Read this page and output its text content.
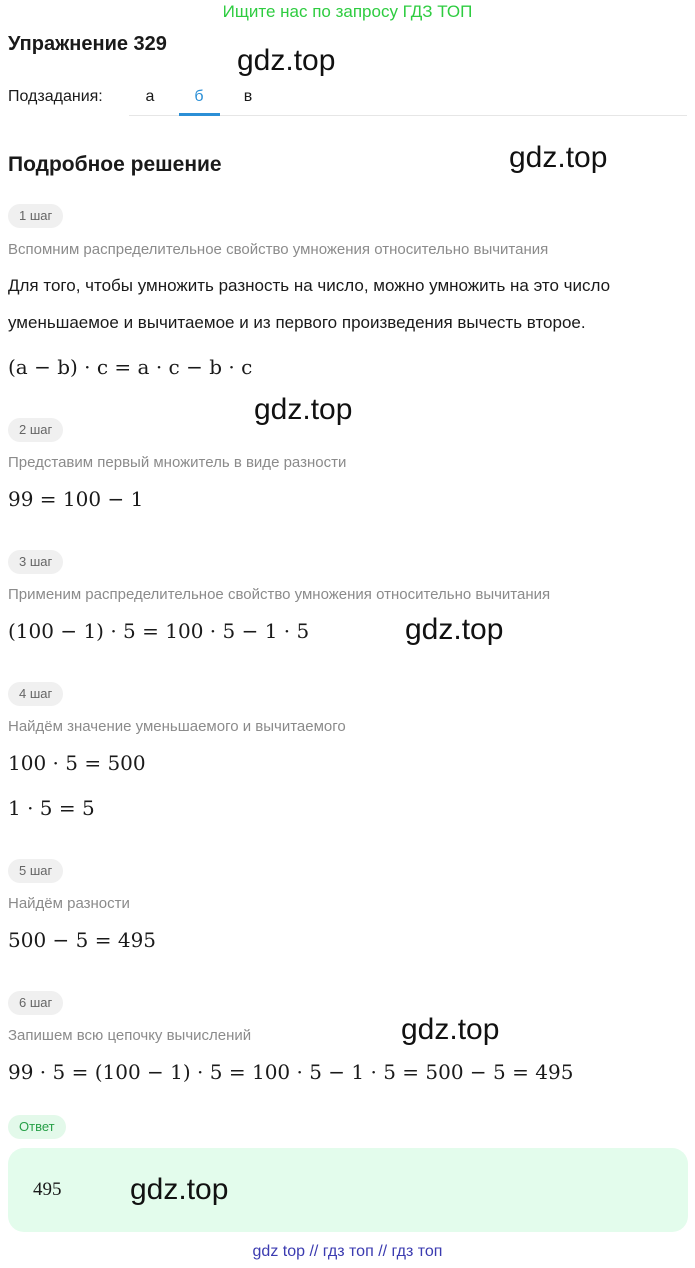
Ищите нас по запросу ГДЗ ТОП
Упражнение 329 gdz.top
Подзадания:	а	б	в
Подробное решение	gdz.top
1 шаг
Вспомним распределительное свойство умножения относительно вычитания
Для того, чтобы умножить разность на число, можно умножить на это число
уменьшаемое и вычитаемое и из первого произведения вычесть второе.
(a − b) · c = a · c − b · c
gdz.top
2 шаг
Представим первый множитель в виде разности
99 = 100 − 1
3 шаг
Применим распределительное свойство умножения относительно вычитания
(100 − 1) · 5 = 100 · 5 − 1 · 5	gdz.top
4 шаг
Найдём значение уменьшаемого и вычитаемого
100 · 5 = 500
1 · 5 = 5
5 шаг
Найдём разности
500 − 5 = 495
6 шаг
Запишем всю цепочку вычислений	gdz.top
99 · 5 = (100 − 1) · 5 = 100 · 5 − 1 · 5 = 500 − 5 = 495
Ответ
495 gdz.top
gdz top // гдз топ // гдз топ
